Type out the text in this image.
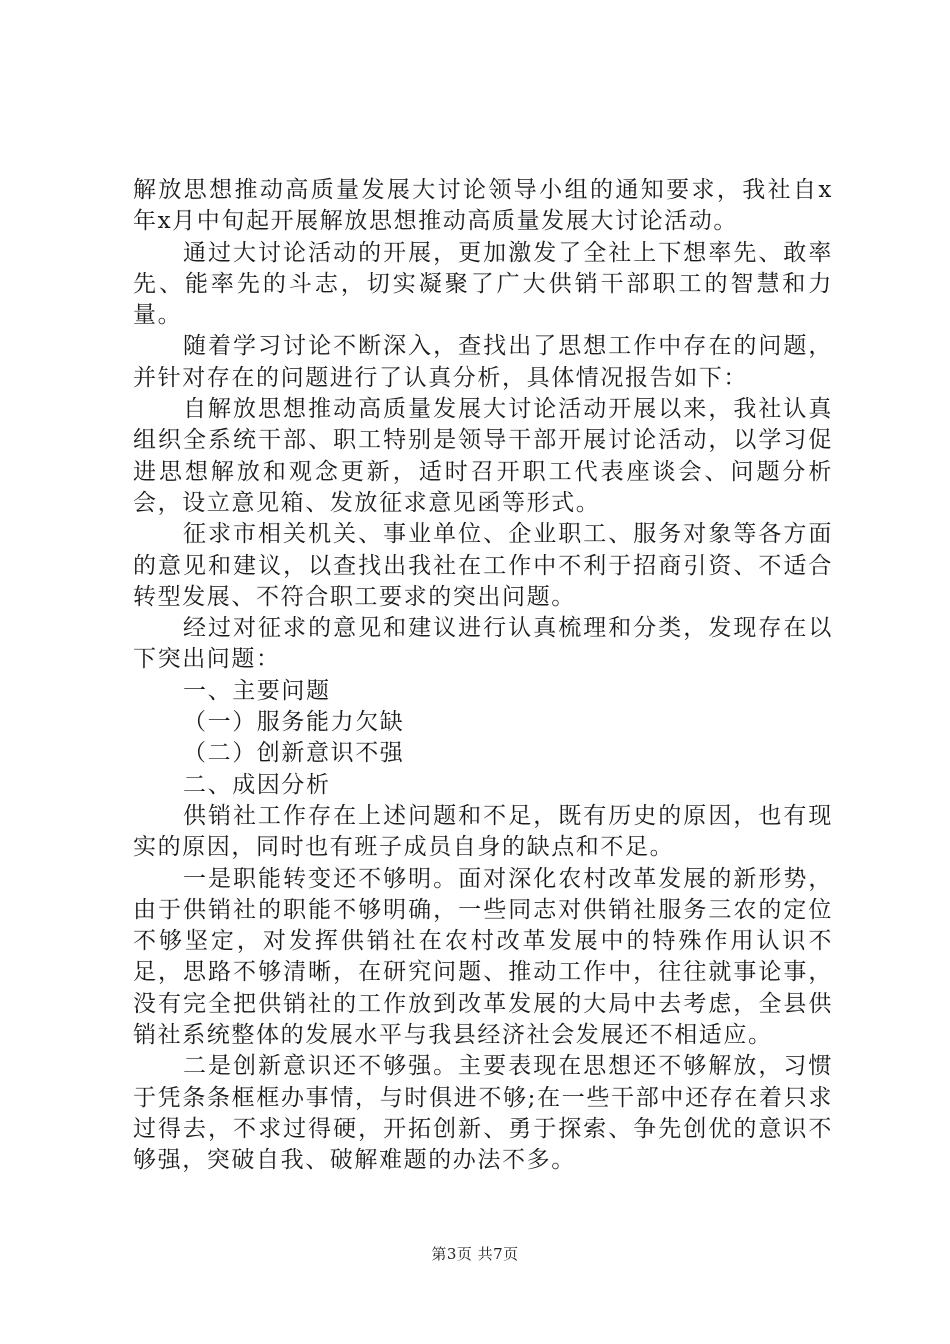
解放思想推动高质量发展大讨论领导小组的通知要求，我社自x年x月中旬起开展解放思想推动高质量发展大讨论活动。

通过大讨论活动的开展，更加激发了全社上下想率先、敢率先、能率先的斗志，切实凝聚了广大供销干部职工的智慧和力量。

随着学习讨论不断深入，查找出了思想工作中存在的问题，并针对存在的问题进行了认真分析，具体情况报告如下：

自解放思想推动高质量发展大讨论活动开展以来，我社认真组织全系统干部、职工特别是领导干部开展讨论活动，以学习促进思想解放和观念更新，适时召开职工代表座谈会、问题分析会，设立意见箱、发放征求意见函等形式。

征求市相关机关、事业单位、企业职工、服务对象等各方面的意见和建议，以查找出我社在工作中不利于招商引资、不适合转型发展、不符合职工要求的突出问题。

经过对征求的意见和建议进行认真梳理和分类，发现存在以下突出问题：

一、主要问题

（一）服务能力欠缺

（二）创新意识不强

二、成因分析

供销社工作存在上述问题和不足，既有历史的原因，也有现实的原因，同时也有班子成员自身的缺点和不足。

一是职能转变还不够明。面对深化农村改革发展的新形势，由于供销社的职能不够明确，一些同志对供销社服务三农的定位不够坚定，对发挥供销社在农村改革发展中的特殊作用认识不足，思路不够清晰，在研究问题、推动工作中，往往就事论事，没有完全把供销社的工作放到改革发展的大局中去考虑，全县供销社系统整体的发展水平与我县经济社会发展还不相适应。

二是创新意识还不够强。主要表现在思想还不够解放，习惯于凭条条框框办事情，与时俱进不够;在一些干部中还存在着只求过得去，不求过得硬，开拓创新、勇于探索、争先创优的意识不够强，突破自我、破解难题的办法不多。

第3页 共7页
